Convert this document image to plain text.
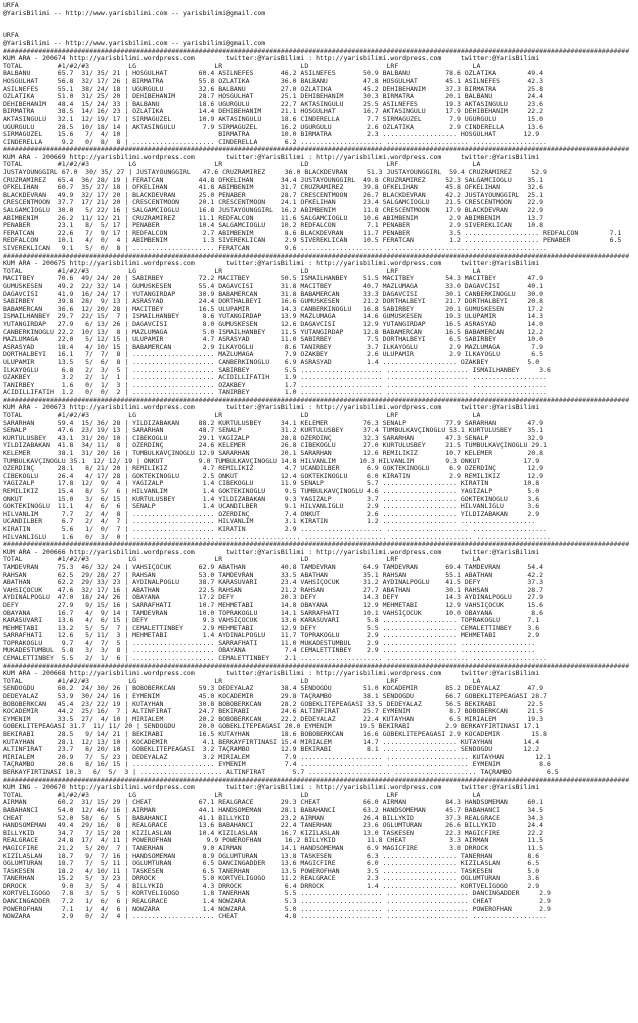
URFA
@YarisBilimi -- http://www.yarisbilimi.com -- yarisbilimi@gmail.com
URFA
@YarisBilimi -- http://www.yarisbilimi.com -- yarisbilimi@gmail.com
################################################################################################################################################################
KUM ARA - 200674 http://yarisbilimi.wordpress.com        twitter:@YarisBilimi : http://yarisbilimi.wordpress.com     twitter:@YarisBilimi
TOTAL         #1/#2/#3          LG                    LR                    LD                    LRF                   LA
BALBANU       65.7  31/ 35/ 21 | HOSGÜLHAT        60.4 ASILNEFES       46.2 ASILNEFES       50.9 BALBANU         78.6 ÖZLATIKA        49.4
HOSGÜLHAT     56.8  32/ 17/ 26 | BIRMATRA         55.8 ÖZLATIKA        36.0 BALBANU         47.8 HOSGÜLHAT       45.1 ASILNEFES       42.3
ASILNEFES     55.1  38/ 24/ 18 | UGURGÜLÜ         32.6 BALBANU         27.0 ÖZLATIKA        45.2 DEHIBEHANIM     37.3 BIRMATRA        25.8
ÖZLATIKA      51.0  31/ 25/ 20 | DEHIBEHANIM      28.7 HOSGÜLHAT       25.1 DEHIBEHANIM     30.3 BIRMATRA        20.1 BALBANU         24.4
DEHIBEHANIM   48.4  15/ 24/ 33 | BALBANU          18.6 UGURGÜLÜ        22.7 AKTASINGÜLÜ     25.5 ASILNEFES       19.3 AKTASINGÜLÜ     23.6
BIRMATRA      38.5  14/ 16/ 23 | ÖZLATIKA         14.4 DEHIBEHANIM     21.1 HOSGÜLHAT       16.7 AKTASINGÜLÜ     17.9 DEHIBEHANIM     22.2
AKTASINGÜLÜ   32.1  12/ 19/ 17 | SIRMAGÜZEL       10.9 AKTASINGÜLÜ     18.6 CINDERELLA       7.7 SIRMAGÜZEL       7.9 UGURGÜLÜ        15.0
UGURGÜLÜ      28.5  10/ 18/ 14 | AKTASINGÜLÜ       7.9 SIRMAGÜZEL      16.2 UGURGÜLÜ         2.6 ÖZLATIKA         2.9 CINDERELLA      13.6
SIRMAGÜZEL    15.6   7/  4/ 10 |                       BIRMATRA        10.0 BIRMATRA         2.3 ................... HOSGÜLHAT       12.9
CINDERELLA     9.2   0/  8/  8 | ..................... CINDERELLA       6.2 ..................... ..................... ...................
################################################################################################################################################################
KUM ARA - 200669 http://yarisbilimi.wordpress.com        twitter:@YarisBilimi : http://yarisbilimi.wordpress.com     twitter:@YarisBilimi
TOTAL         #1/#2/#3          LG                    LR                    LD                    LRF                   LA
JUSTAYOUNGGIRL 67.0  30/ 35/ 27 | JUSTAYOUNGGIRL   47.6 CRUZRAMIREZ     36.0 BLACKDEVRAN     51.3 JUSTAYOUNGGIRL  59.4 CRUZRAMIREZ     52.9
CRUZRAMIREZ   65.4  36/ 28/ 19 | FERATCAN         44.8 ÖFKELIHAN       34.4 JUSTAYOUNGGIRL  49.8 CRUZRAMIREZ     52.3 SALGAMCIOGLU    35.1
ÖFKELIHAN     60.7  35/ 27/ 18 | ÖFKELIHAN        41.8 ABIMBENIM       31.7 CRUZRAMIREZ     39.8 ÖFKELIHAN       45.8 ÖFKELIHAN       32.6
BLACKDEVRAN   49.9  32/ 17/ 20 | BLACKDEVRAN      25.0 PENABER         28.7 CRESCENTMOON    26.7 BLACKDEVRAN     42.2 JUSTAYOUNGGIRL  25.1
CRESCENTMOON  37.7  17/ 21/ 20 | CRESCENTMOON     20.1 CRESCENTMOON    24.1 ÖFKELIHAN       23.4 SALGAMCIOGLU    21.5 CRESCENTMOON    22.9
SALGAMCIOGLU  30.0   5/ 22/ 16 | SALGAMCIOGLU     16.8 JUSTAYOUNGGIRL  16.2 ABIMBENIM       11.8 CRESCENTMOON    17.9 BLACKDEVRAN     22.9
ABIMBENIM     26.2  11/ 12/ 21 | CRUZRAMIREZ      11.1 REDFALCON       11.6 SALGAMCIOGLU    10.6 ABIMBENIM        2.9 ABIMBENIM       13.7
PENABER       23.1   8/  5/ 17 | PENABER          10.4 SALGAMCIOGLU    10.2 REDFALCON        7.1 PENABER          2.9 SIVEREKLICAN    10.8
FERATCAN      22.6   7/  9/ 17 | REDFALCON         2.7 ABIMBENIM        8.6 BLACKDEVRAN     11.7 PENABER          3.5 ................... REDFALCON        7.1
REDFALCON     10.1   4/  0/  4 | ABIMBENIM         1.3 SIVEREKLICAN     2.9 SIVEREKLICAN    10.5 FERATCAN         1.2 ................... PENABER          6.5
SIVEREKLICAN   9.1   5/  0/  8 | ..................... FERATCAN         9.6 ..................... ..................... ...................
################################################################################################################################################################
KUM ARA - 200675 http://yarisbilimi.wordpress.com        twitter:@YarisBilimi : http://yarisbilimi.wordpress.com     twitter:@YarisBilimi
TOTAL         #1/#2/#3          LG                    LR                    LD                    LRF                   LA
MACITBEY      70.6  49/ 24/ 20 | SABIRBEY         72.2 MACITBEY        50.5 ISMAILHANBEY    51.5 MACITBEY        54.3 MACITBEY        47.9
GÜMÜSKESEN    49.2  22/ 32/ 14 | GÜMÜSKESEN       55.4 DAGAVCISI       31.8 MACITBEY        40.7 MAZLUMAGA       33.0 DAGAVCISI       40.1
DAGAVCISI     41.9  16/ 24/ 17 | YUTANGIRDAP      30.9 BABAMERCAN      31.8 BABAMERCAN      33.3 DAGAVCISI       30.1 CANBERKINOGLU   30.0
SABIRBEY      39.8  28/  9/ 13 | ASRASYAD         24.4 DÖRTHALBEYI     16.6 GÜMÜSKESEN      21.2 DÖRTHALBEYI     21.7 DÖRTHALBEYI     20.8
BABAMERCAN    36.6  12/ 20/ 28 | MACITBEY         16.5 ULUPAMIR        14.3 CANBERKINOGLU   16.8 SABIRBEY        20.1 GÜMÜSKESEN      17.2
ISMAILHANBEY  29.7  22/ 15/  7 | ISMAILHANBEY      8.6 YUTANGIRDAP     13.9 MAZLUMAGA       14.6 GÜMÜSKESEN      19.3 ULUPAMIR        14.3
YUTANGIRDAP   27.9   6/ 13/ 26 | DAGAVCISI         8.0 GÜMÜSKESEN      12.6 DAGAVCISI       12.9 YUTANGIRDAP     16.5 ASRASYAD        14.0
CANBERKINOGLU 22.2  10/ 13/  8 | MAZLUMAGA         5.0 ISMAILHANBEY    11.5 YUTANGIRDAP     12.8 BABAMERCAN      16.5 BABAMERCAN      12.2
MAZLUMAGA     22.0   5/ 12/ 15 | ULUPAMIR          4.7 ASRASYAD        11.0 SABIRBEY         7.5 DÖRTHALBEYI      6.5 SABIRBEY        10.0
ASRASYAD      18.4   4/ 10/ 15 | BABAMERCAN        2.9 ILKAYOGLU        8.6 TANIRBEY         3.7 ILKAYOGLU        2.9 MAZLUMAGA        7.9
DÖRTHALBEYI   16.1   7/  7/  8 | ..................... MAZLUMAGA        7.9 ÖZAKBEY          2.6 ULUPAMIR         2.9 ILKAYOGLU        6.5
ULUPAMIR      13.5   5/  6/  8 | ..................... CANBERKINOGLU    6.9 ASRASYAD         1.4 ................... ÖZAKBEY          5.0
ILKAYOGLU      6.8   2/  3/  5 | ..................... SABIRBEY         5.5 ..................... ..................... ISMAILHANBEY     3.6
ÖZAKBEY        3.2   2/  1/  1 | ..................... ACIDILLIFATIH    1.9 ..................... ..................... ...................
TANIRBEY       1.6   0/  1/  3 | ..................... ÖZAKBEY          1.7 ..................... ..................... ...................
ACIDILLIFATIH  1.2   0/  0/  2 | ..................... TANIRBEY         1.0 ..................... ..................... ...................
################################################################################################################################################################
KUM ARA - 200673 http://yarisbilimi.wordpress.com        twitter:@YarisBilimi : http://yarisbilimi.wordpress.com     twitter:@YarisBilimi
TOTAL         #1/#2/#3          LG                    LR                    LD                    LRF                   LA
SARARHAN      59.4  15/ 36/ 28 | YILDIZABAKAN     88.2 KURTULUSBEY     34.1 KELEMER         76.3 SENALP          77.9 SARARHAN        47.9
SENALP        47.6  23/ 19/ 13 | SARARHAN         48.7 SENALP          31.2 KURTULUSBEY     37.4 TUMBULKAVÇINOGLU 53.1 KURTULUSBEY    35.1
KURTULUSBEY   43.1  31/ 20/ 10 | CIBEKOGLU        29.1 YAGIZALP        28.8 ÖZERDINÇ        32.3 SARARHAN        47.3 SENALP          32.9
YILDIZABAKAN  41.8  34/ 11/  8 | ÖZERDINÇ         24.6 KELEMER         26.8 CIBEKOGLU       27.0 KURTULUSBEY     21.5 TUMBULKAVÇINOGLU 29.1
KELEMER       38.1  31/ 20/ 16 | TUMBULKAVÇINOGLU 12.9 SARARHAN        20.1 SARARHAN        12.6 REMILIKIZ       10.7 KELEMER         20.8
TUMBULKAVÇINOGLU 35.1  12/ 12/ 19 | ONKUT         9.0 TUMBULKAVÇINOGLU 14.8 HILVANLIM      10.3 HILVANLIM        9.3 ONKUT           17.9
ÖZERDINÇ      28.1   8/ 21/ 20 | REMILIKIZ         4.7 REMILIKIZ        4.7 UCANDILBER       6.9 GÖKTEKINOGLU     6.9 ÖZERDINÇ        12.9
CIBEKOGLU     26.4   4/ 17/ 28 | GÖKTEKINOGLU      2.5 ONKUT           12.4 GÖKTEKINOGLU     6.0 KIRATIN          2.9 REMILIKIZ       12.9
YAGIZALP      17.8  12/  9/  4 | YAGIZALP          1.4 CIBEKOGLU       11.9 SENALP           5.7 ................... KIRATIN         10.8
REMILIKIZ     15.4   8/  5/  6 | HILVANLIM         1.4 GÖKTEKINOGLU     9.5 TUMBULKAVÇINOGLU 4.6 ................... YAGIZALP         5.0
ONKUT         15.0   3/  6/ 15 | KURTULUSBEY       1.4 YILDIZABAKAN     9.3 YAGIZALP         3.7 ................... GÖKTEKINOGLU     3.6
GÖKTEKINOGLU  11.1   4/  6/  6 | SENALP            1.4 UCANDILBER       9.1 HILVANLIGLU      2.9 ................... HILVANLIGLU      3.6
HILVANLIM      7.7   2/  4/  8 | ..................... ÖZERDINÇ         7.4 ONKUT            2.6 ................... YILDIZABAKAN     2.9
UCANDILBER     6.7   2/  4/  7 | ..................... HILVANLIM        3.1 KIRATIN          1.2 ................... ...................
KIRATIN        5.6   1/  0/  7 | ..................... KIRATIN          2.9 ..................... ..................... ...................
HILVANLIGLU    1.6   0/  3/  0 | ..................... ..................... ..................... ..................... ...................
################################################################################################################################################################
KUM ARA - 200666 http://yarisbilimi.wordpress.com        twitter:@YarisBilimi : http://yarisbilimi.wordpress.com     twitter:@YarisBilimi
TOTAL         #1/#2/#3          LG                    LR                    LD                    LRF                   LA
TAMDEVRAN     75.3  46/ 32/ 24 | VAHSIÇOCUK       62.9 ABATHAN         40.8 TAMDEVRAN       64.9 TAMDEVRAN       69.4 TAMDEVRAN       54.4
RAHSAN        62.5  29/ 28/ 27 | RAHSAN           53.0 TAMDEVRAN       33.5 ABATHAN         35.1 RAHSAN          55.1 ABATHAN         42.2
ABATHAN       62.2  29/ 33/ 23 | AYDINALPOGLU     38.7 KARASÜVARI      23.4 VAHSIÇOCUK      31.2 AYDINALPOGLU    41.5 DEFY            37.3
VAHSIÇOCUK    47.6  32/ 17/ 16 | ABATHAN          22.5 RAHSAN          21.2 RAHSAN          27.7 ABATHAN         30.1 RAHSAN          28.7
AYDINALPOGLU  47.0  18/ 24/ 26 | OBAYANA          17.2 DEFY            20.3 DEFY            14.3 DEFY            14.3 AYDINALPOGLU    27.9
DEFY          27.9   9/ 15/ 16 | SARRAFHATI       10.7 MEHMETABI       14.8 OBAYANA         12.9 MEHMETABI       12.9 VAHSIÇOCUK      15.6
OBAYANA       16.7   4/  9/ 14 | TAMDEVRAN        10.0 TOPRAKOGLU      14.1 SARRAFHATI      10.1 VAHSIÇOCUK      10.0 OBAYANA          8.6
KARASÜVARI    13.6   4/  6/ 15 | DEFY              9.3 VAHSIÇOCUK      13.6 KARASÜVARI       5.8 ................... TOPRAKOGLU       7.1
MEHMETABI     13.2   5/  5/  7 | CEMALETTINBEY     2.9 MEHMETABI       12.9 DEFY             5.5 ................... CEMALETTINBEY    3.6
SARRAFHATI    12.6   5/ 11/  3 | MEHMETABI         1.4 AYDINALPOGLU    11.7 TOPRAKOGLU       2.9 ................... MEHMETABI        2.9
TOPRAKOGLU     9.7   4/  7/  5 | ..................... SARRAFHATI      11.0 MUKADESTUMBUL    2.9 ................... ...................
MUKADESTUMBUL  5.8   3/  3/  8 | ..................... OBAYANA          7.4 CEMALETTINBEY    2.9 ................... ...................
CEMALETTINBEY  5.5   2/  1/  6 | ..................... CEMALETTINBEY    2.1 ..................... ..................... ...................
################################################################################################################################################################
KUM ARA - 200668 http://yarisbilimi.wordpress.com        twitter:@YarisBilimi : http://yarisbilimi.wordpress.com     twitter:@YarisBilimi
TOTAL         #1/#2/#3          LG                    LR                    LD                    LRF                   LA
SENDOGDU      60.2  24/ 30/ 26 | BOBOBERKCAN      59.3 DEDEYALAZ       38.4 SENDOGDU        51.0 KOCADEMIR       85.2 DEDEYALAZ       47.9
DEDEYALAZ     53.9  30/ 24/ 16 | EYMENIM          45.0 KOCADEMIR       29.8 TAÇRAMBO        38.1 SENDOGDU        66.7 GÖBEKLITEPEAGASI 28.7
BOBOBERKCAN   45.4  23/ 22/ 19 | KUTAYHAN         30.8 BOBOBERKCAN     28.2 GÖBEKLITEPEAGASI 33.5 DEDEYALAZ      56.5 BEKIRABI        22.5
KOCADEMIR     44.2  25/ 16/  7 | ALTINFIRAT       24.7 BEKIRABI        24.6 ALTINFIRAT      25.7 EYMENIM          8.7 BOBOBERKCAN     21.5
EYMENIM       33.5  27/  4/ 10 | MIRIALEM         20.2 BOBOBERKCAN     22.2 DEDEYALAZ       22.4 KUTAYHAN         6.5 MIRIALEM        19.3
GÖBEKLITEPEAGASI 31.7  11/ 11/ 20 | SENDOGDU      20.0 GÖBEKLITEPEAGASI 20.0 EYMENIM       19.5 BEKIRABI         2.9 BERKAYFIRTINASI 17.1
BEKIRABI      28.5   9/ 14/ 21 | BEKIRABI         16.5 KUTAYHAN        18.6 BOBOBERKCAN     16.6 GÖBEKLITEPEAGASI 2.9 KOCADEMIR        15.8
KUTAYHAN      28.1  12/ 13/ 10 | KOCADEMIR         4.1 BERKAYFIRTINASI 15.4 MIRIALEM        14.7 ................... KUTAYHAN        14.4
ALTINFIRAT    23.7   8/ 20/ 10 | GÖBEKLITEPEAGASI  3.2 TAÇRAMBO        12.9 BEKIRABI         8.1 ................... SENDOGDU        12.2
MIRIALEM      20.9   7/  5/ 23 | DEDEYALAZ         3.2 MIRIALEM         7.9 ..................... ..................... KUTAYHAN        12.1
TAÇRAMBO      20.6   8/ 16/ 15 | ..................... EYMENIM          7.4 ..................... ..................... EYMENIM          8.6
BERKAYFIRTINASI 10.3   6/  5/  3 | ..................... ALTINFIRAT       5.7 ..................... ..................... TAÇRAMBO         6.5
################################################################################################################################################################
KUM ING - 200670 http://yarisbilimi.wordpress.com        twitter:@YarisBilimi : http://yarisbilimi.wordpress.com     twitter:@YarisBilimi
TOTAL         #1/#2/#3          LG                    LR                    LD                    LRF                   LA
AIRMAN        60.2  31/ 15/ 29 | CHEAT            67.1 REALGRACE       29.3 CHEAT           66.0 AIRMAN          84.3 HANDSOMEMAN     60.1
BABAHANCI     54.0  12/ 46/ 16 | AIRMAN           44.1 HANDSOMEMAN     28.1 BABAHANCI       63.2 HANDSOMEMAN     45.7 BABAHANCI       34.5
CHEAT         52.0  58/  6/  5 | BABAHANCI        41.1 BILLYKID        23.2 AIRMAN          26.4 BILLYKID        37.3 REALGRACE       34.3
HANDSOMEMAN   49.4  29/ 16/  8 | REALGRACE        13.6 BABAHANCI       22.4 TANERHAN        23.6 OGLUMTURAN      26.6 BILLYKID        24.4
BILLYKID      34.7   7/ 15/ 28 | KIZILASLAN       10.4 KIZILASLAN      16.7 KIZILASLAN      13.0 TASKESEN        22.3 MAGICFIRE       22.2
REALGRACE     24.8  17/  4/ 11 | POWEROFHAN         9.9 POWEROFHAN      16.2 BILLYKID        11.8 CHEAT           3.3 AIRMAN          11.5
MAGICFIRE     21.2   5/ 20/  7 | TANERHAN          9.0 AIRMAN          14.1 HANDSOMEMAN      6.9 MAGICFIRE        3.0 DRROCK          11.5
KIZILASLAN    18.7   9/  7/ 16 | HANDSOMEMAN       8.9 OGLUMTURAN      13.8 TASKESEN         6.3 ................... TANERHAN         8.6
OGLUMTURAN    18.7   7/  5/ 11 | OGLUMTURAN        6.5 DANCINGADDER    13.6 MAGICFIRE        6.0 ................... KIZILASLAN       6.5
TASKESEN      18.2   4/ 10/ 11 | TASKESEN          6.5 TANERHAN        13.5 POWEROFHAN       3.5 ................... TASKESEN         5.0
TANERHAN      15.2   5/  3/ 23 | DRROCK            5.0 KORTVELIGOGO    11.2 REALGRACE        2.3 ................... OGLUMTURAN       3.6
DRROCK         9.0   3/  5/  4 | BILLYKID          4.3 DRROCK           6.4 DRROCK           1.4 ................... KORTVELIGOGO     2.9
KORTVELIGOGO   7.8   3/  5/  5 | KORTVELIGOGO      1.8 TANERHAN         5.5 ..................... ..................... DANCINGADDER     2.9
DANCINGADDER   7.2   1/  6/  6 | REALGRACE         1.4 NOWZARA          5.3 ..................... ..................... CHEAT            2.9
POWEROFHAN     7.1   1/  4/  6 | NOWZARA           1.4 NOWZARA          5.0 ..................... ..................... POWEROFHAN       2.9
NOWZARA        2.9   0/  2/  4 | ..................... CHEAT            4.8 ..................... ..................... ...................
